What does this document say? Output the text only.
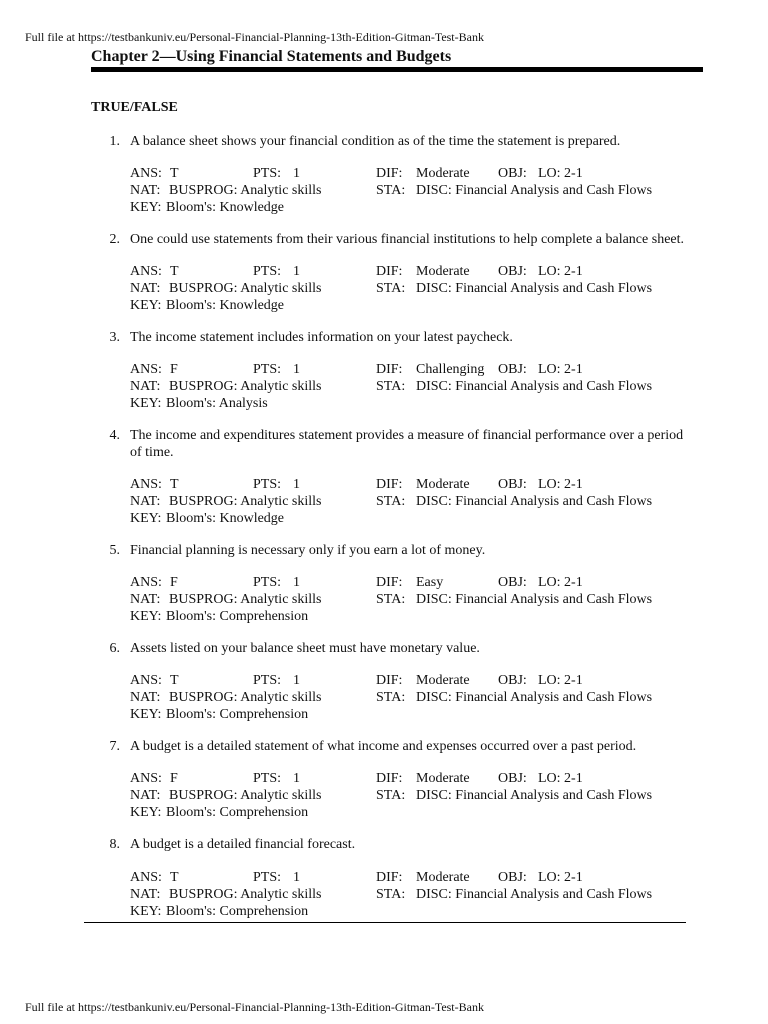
Full file at https://testbankuniv.eu/Personal-Financial-Planning-13th-Edition-Gitman-Test-Bank
Chapter 2—Using Financial Statements and Budgets
TRUE/FALSE
1. A balance sheet shows your financial condition as of the time the statement is prepared.
ANS: T	PTS: 1	DIF: Moderate OBJ: LO: 2-1
NAT: BUSPROG: Analytic skills	STA: DISC: Financial Analysis and Cash Flows
KEY: Bloom's: Knowledge
2. One could use statements from their various financial institutions to help complete a balance sheet.
ANS: T	PTS: 1	DIF: Moderate OBJ: LO: 2-1
NAT: BUSPROG: Analytic skills	STA: DISC: Financial Analysis and Cash Flows
KEY: Bloom's: Knowledge
3. The income statement includes information on your latest paycheck.
ANS: F	PTS: 1	DIF: Challenging OBJ: LO: 2-1
NAT: BUSPROG: Analytic skills	STA: DISC: Financial Analysis and Cash Flows
KEY: Bloom's: Analysis
4. The income and expenditures statement provides a measure of financial performance over a period of time.
ANS: T	PTS: 1	DIF: Moderate OBJ: LO: 2-1
NAT: BUSPROG: Analytic skills	STA: DISC: Financial Analysis and Cash Flows
KEY: Bloom's: Knowledge
5. Financial planning is necessary only if you earn a lot of money.
ANS: F	PTS: 1	DIF: Easy	OBJ: LO: 2-1
NAT: BUSPROG: Analytic skills	STA: DISC: Financial Analysis and Cash Flows
KEY: Bloom's: Comprehension
6. Assets listed on your balance sheet must have monetary value.
ANS: T	PTS: 1	DIF: Moderate OBJ: LO: 2-1
NAT: BUSPROG: Analytic skills	STA: DISC: Financial Analysis and Cash Flows
KEY: Bloom's: Comprehension
7. A budget is a detailed statement of what income and expenses occurred over a past period.
ANS: F	PTS: 1	DIF: Moderate OBJ: LO: 2-1
NAT: BUSPROG: Analytic skills	STA: DISC: Financial Analysis and Cash Flows
KEY: Bloom's: Comprehension
8. A budget is a detailed financial forecast.
ANS: T	PTS: 1	DIF: Moderate OBJ: LO: 2-1
NAT: BUSPROG: Analytic skills	STA: DISC: Financial Analysis and Cash Flows
KEY: Bloom's: Comprehension
Full file at https://testbankuniv.eu/Personal-Financial-Planning-13th-Edition-Gitman-Test-Bank
